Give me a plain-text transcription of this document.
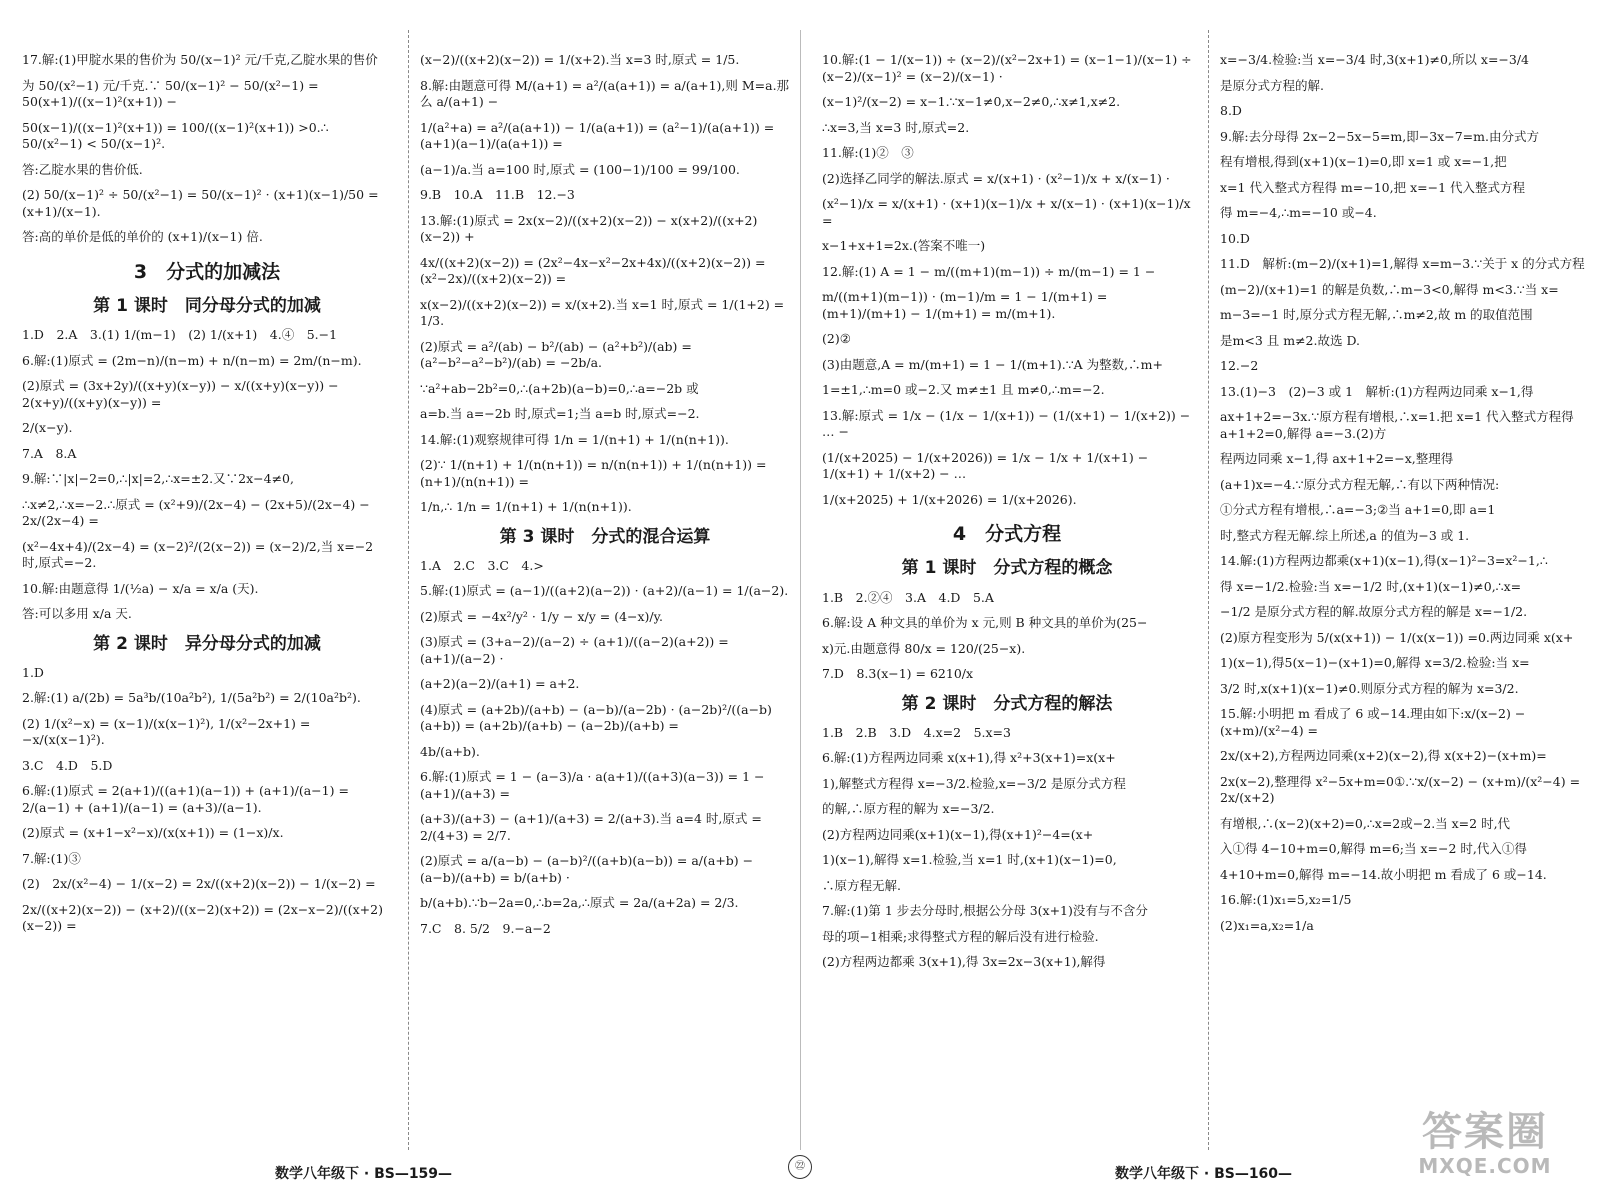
17.解:(1)甲腚水果的售价为 50/(x−1)² 元/千克,乙腚水果的售价
为 50/(x²−1) 元/千克.∵ 50/(x−1)² − 50/(x²−1) = 50(x+1)/((x−1)²(x+1)) −
50(x−1)/((x−1)²(x+1)) = 100/((x−1)²(x+1)) >0.∴ 50/(x²−1) < 50/(x−1)².
答:乙腚水果的售价低.
(2) 50/(x−1)² ÷ 50/(x²−1) = 50/(x−1)² · (x+1)(x−1)/50 = (x+1)/(x−1).
答:高的单价是低的单价的 (x+1)/(x−1) 倍.
3　分式的加减法
第 1 课时　同分母分式的加减
1.D　2.A　3.(1) 1/(m−1)　(2) 1/(x+1)　4.④　5.−1
6.解:(1)原式 = (2m−n)/(n−m) + n/(n−m) = 2m/(n−m).
(2)原式 = (3x+2y)/((x+y)(x−y)) − x/((x+y)(x−y)) − 2(x+y)/((x+y)(x−y)) =
2/(x−y).
7.A　8.A
9.解:∵|x|−2=0,∴|x|=2,∴x=±2.又∵2x−4≠0,
∴x≠2,∴x=−2.∴原式 = (x²+9)/(2x−4) − (2x+5)/(2x−4) − 2x/(2x−4) =
(x²−4x+4)/(2x−4) = (x−2)²/(2(x−2)) = (x−2)/2,当 x=−2 时,原式=−2.
10.解:由题意得 1/(½a) − x/a = x/a (天).
答:可以多用 x/a 天.
第 2 课时　异分母分式的加减
1.D
2.解:(1) a/(2b) = 5a³b/(10a²b²), 1/(5a²b²) = 2/(10a²b²).
(2) 1/(x²−x) = (x−1)/(x(x−1)²), 1/(x²−2x+1) = −x/(x(x−1)²).
3.C　4.D　5.D
6.解:(1)原式 = 2(a+1)/((a+1)(a−1)) + (a+1)/(a−1) = 2/(a−1) + (a+1)/(a−1) = (a+3)/(a−1).
(2)原式 = (x+1−x²−x)/(x(x+1)) = (1−x)/x.
7.解:(1)③
(2)　2x/(x²−4) − 1/(x−2) = 2x/((x+2)(x−2)) − 1/(x−2) =
2x/((x+2)(x−2)) − (x+2)/((x−2)(x+2)) = (2x−x−2)/((x+2)(x−2)) =
(x−2)/((x+2)(x−2)) = 1/(x+2).当 x=3 时,原式 = 1/5.
8.解:由题意可得 M/(a+1) = a²/(a(a+1)) = a/(a+1),则 M=a.那么 a/(a+1) −
1/(a²+a) = a²/(a(a+1)) − 1/(a(a+1)) = (a²−1)/(a(a+1)) = (a+1)(a−1)/(a(a+1)) =
(a−1)/a.当 a=100 时,原式 = (100−1)/100 = 99/100.
9.B　10.A　11.B　12.−3
13.解:(1)原式 = 2x(x−2)/((x+2)(x−2)) − x(x+2)/((x+2)(x−2)) +
4x/((x+2)(x−2)) = (2x²−4x−x²−2x+4x)/((x+2)(x−2)) = (x²−2x)/((x+2)(x−2)) =
x(x−2)/((x+2)(x−2)) = x/(x+2).当 x=1 时,原式 = 1/(1+2) = 1/3.
(2)原式 = a²/(ab) − b²/(ab) − (a²+b²)/(ab) = (a²−b²−a²−b²)/(ab) = −2b/a.
∵a²+ab−2b²=0,∴(a+2b)(a−b)=0,∴a=−2b 或
a=b.当 a=−2b 时,原式=1;当 a=b 时,原式=−2.
14.解:(1)观察规律可得 1/n = 1/(n+1) + 1/(n(n+1)).
(2)∵ 1/(n+1) + 1/(n(n+1)) = n/(n(n+1)) + 1/(n(n+1)) = (n+1)/(n(n+1)) =
1/n,∴ 1/n = 1/(n+1) + 1/(n(n+1)).
第 3 课时　分式的混合运算
1.A　2.C　3.C　4.>
5.解:(1)原式 = (a−1)/((a+2)(a−2)) · (a+2)/(a−1) = 1/(a−2).
(2)原式 = −4x²/y² · 1/y − x/y = (4−x)/y.
(3)原式 = (3+a−2)/(a−2) ÷ (a+1)/((a−2)(a+2)) = (a+1)/(a−2) ·
(a+2)(a−2)/(a+1) = a+2.
(4)原式 = (a+2b)/(a+b) − (a−b)/(a−2b) · (a−2b)²/((a−b)(a+b)) = (a+2b)/(a+b) − (a−2b)/(a+b) =
4b/(a+b).
6.解:(1)原式 = 1 − (a−3)/a · a(a+1)/((a+3)(a−3)) = 1 − (a+1)/(a+3) =
(a+3)/(a+3) − (a+1)/(a+3) = 2/(a+3).当 a=4 时,原式 = 2/(4+3) = 2/7.
(2)原式 = a/(a−b) − (a−b)²/((a+b)(a−b)) = a/(a+b) − (a−b)/(a+b) = b/(a+b) ·
b/(a+b).∵b−2a=0,∴b=2a,∴原式 = 2a/(a+2a) = 2/3.
7.C　8. 5/2　9.−a−2
10.解:(1 − 1/(x−1)) ÷ (x−2)/(x²−2x+1) = (x−1−1)/(x−1) ÷ (x−2)/(x−1)² = (x−2)/(x−1) ·
(x−1)²/(x−2) = x−1.∵x−1≠0,x−2≠0,∴x≠1,x≠2.
∴x=3,当 x=3 时,原式=2.
11.解:(1)②　③
(2)选择乙同学的解法.原式 = x/(x+1) · (x²−1)/x + x/(x−1) ·
(x²−1)/x = x/(x+1) · (x+1)(x−1)/x + x/(x−1) · (x+1)(x−1)/x =
x−1+x+1=2x.(答案不唯一)
12.解:(1) A = 1 − m/((m+1)(m−1)) ÷ m/(m−1) = 1 −
m/((m+1)(m−1)) · (m−1)/m = 1 − 1/(m+1) = (m+1)/(m+1) − 1/(m+1) = m/(m+1).
(2)②
(3)由题意,A = m/(m+1) = 1 − 1/(m+1).∵A 为整数,∴m+
1=±1,∴m=0 或−2.又 m≠±1 且 m≠0,∴m=−2.
13.解:原式 = 1/x − (1/x − 1/(x+1)) − (1/(x+1) − 1/(x+2)) − … −
(1/(x+2025) − 1/(x+2026)) = 1/x − 1/x + 1/(x+1) − 1/(x+1) + 1/(x+2) − …
1/(x+2025) + 1/(x+2026) = 1/(x+2026).
4　分式方程
第 1 课时　分式方程的概念
1.B　2.②④　3.A　4.D　5.A
6.解:设 A 种文具的单价为 x 元,则 B 种文具的单价为(25−
x)元.由题意得 80/x = 120/(25−x).
7.D　8.3(x−1) = 6210/x
第 2 课时　分式方程的解法
1.B　2.B　3.D　4.x=2　5.x=3
6.解:(1)方程两边同乘 x(x+1),得 x²+3(x+1)=x(x+
1),解整式方程得 x=−3/2.检验,x=−3/2 是原分式方程
的解,∴原方程的解为 x=−3/2.
(2)方程两边同乘(x+1)(x−1),得(x+1)²−4=(x+
1)(x−1),解得 x=1.检验,当 x=1 时,(x+1)(x−1)=0,
∴原方程无解.
7.解:(1)第 1 步去分母时,根据公分母 3(x+1)没有与不含分
母的项−1相乘;求得整式方程的解后没有进行检验.
(2)方程两边都乘 3(x+1),得 3x=2x−3(x+1),解得
x=−3/4.检验:当 x=−3/4 时,3(x+1)≠0,所以 x=−3/4
是原分式方程的解.
8.D
9.解:去分母得 2x−2−5x−5=m,即−3x−7=m.由分式方
程有增根,得到(x+1)(x−1)=0,即 x=1 或 x=−1,把
x=1 代入整式方程得 m=−10,把 x=−1 代入整式方程
得 m=−4,∴m=−10 或−4.
10.D
11.D　解析:(m−2)/(x+1)=1,解得 x=m−3.∵关于 x 的分式方程
(m−2)/(x+1)=1 的解是负数,∴m−3<0,解得 m<3.∵当 x=
m−3=−1 时,原分式方程无解,∴m≠2,故 m 的取值范围
是m<3 且 m≠2.故选 D.
12.−2
13.(1)−3　(2)−3 或 1　解析:(1)方程两边同乘 x−1,得
ax+1+2=−3x.∵原方程有增根,∴x=1.把 x=1 代入整式方程得 a+1+2=0,解得 a=−3.(2)方
程两边同乘 x−1,得 ax+1+2=−x,整理得
(a+1)x=−4.∵原分式方程无解,∴有以下两种情况:
①分式方程有增根,∴a=−3;②当 a+1=0,即 a=1
时,整式方程无解.综上所述,a 的值为−3 或 1.
14.解:(1)方程两边都乘(x+1)(x−1),得(x−1)²−3=x²−1,∴
得 x=−1/2.检验:当 x=−1/2 时,(x+1)(x−1)≠0,∴x=
−1/2 是原分式方程的解.故原分式方程的解是 x=−1/2.
(2)原方程变形为 5/(x(x+1)) − 1/(x(x−1)) =0.两边同乘 x(x+
1)(x−1),得5(x−1)−(x+1)=0,解得 x=3/2.检验:当 x=
3/2 时,x(x+1)(x−1)≠0.则原分式方程的解为 x=3/2.
15.解:小明把 m 看成了 6 或−14.理由如下:x/(x−2) − (x+m)/(x²−4) =
2x/(x+2),方程两边同乘(x+2)(x−2),得 x(x+2)−(x+m)=
2x(x−2),整理得 x²−5x+m=0①.∵x/(x−2) − (x+m)/(x²−4) = 2x/(x+2)
有增根,∴(x−2)(x+2)=0,∴x=2或−2.当 x=2 时,代
入①得 4−10+m=0,解得 m=6;当 x=−2 时,代入①得
4+10+m=0,解得 m=−14.故小明把 m 看成了 6 或−14.
16.解:(1)x₁=5,x₂=1/5
(2)x₁=a,x₂=1/a
数学八年级下 · BS—159—	㉒	数学八年级下 · BS—160—
答案圈
MXQE.COM
